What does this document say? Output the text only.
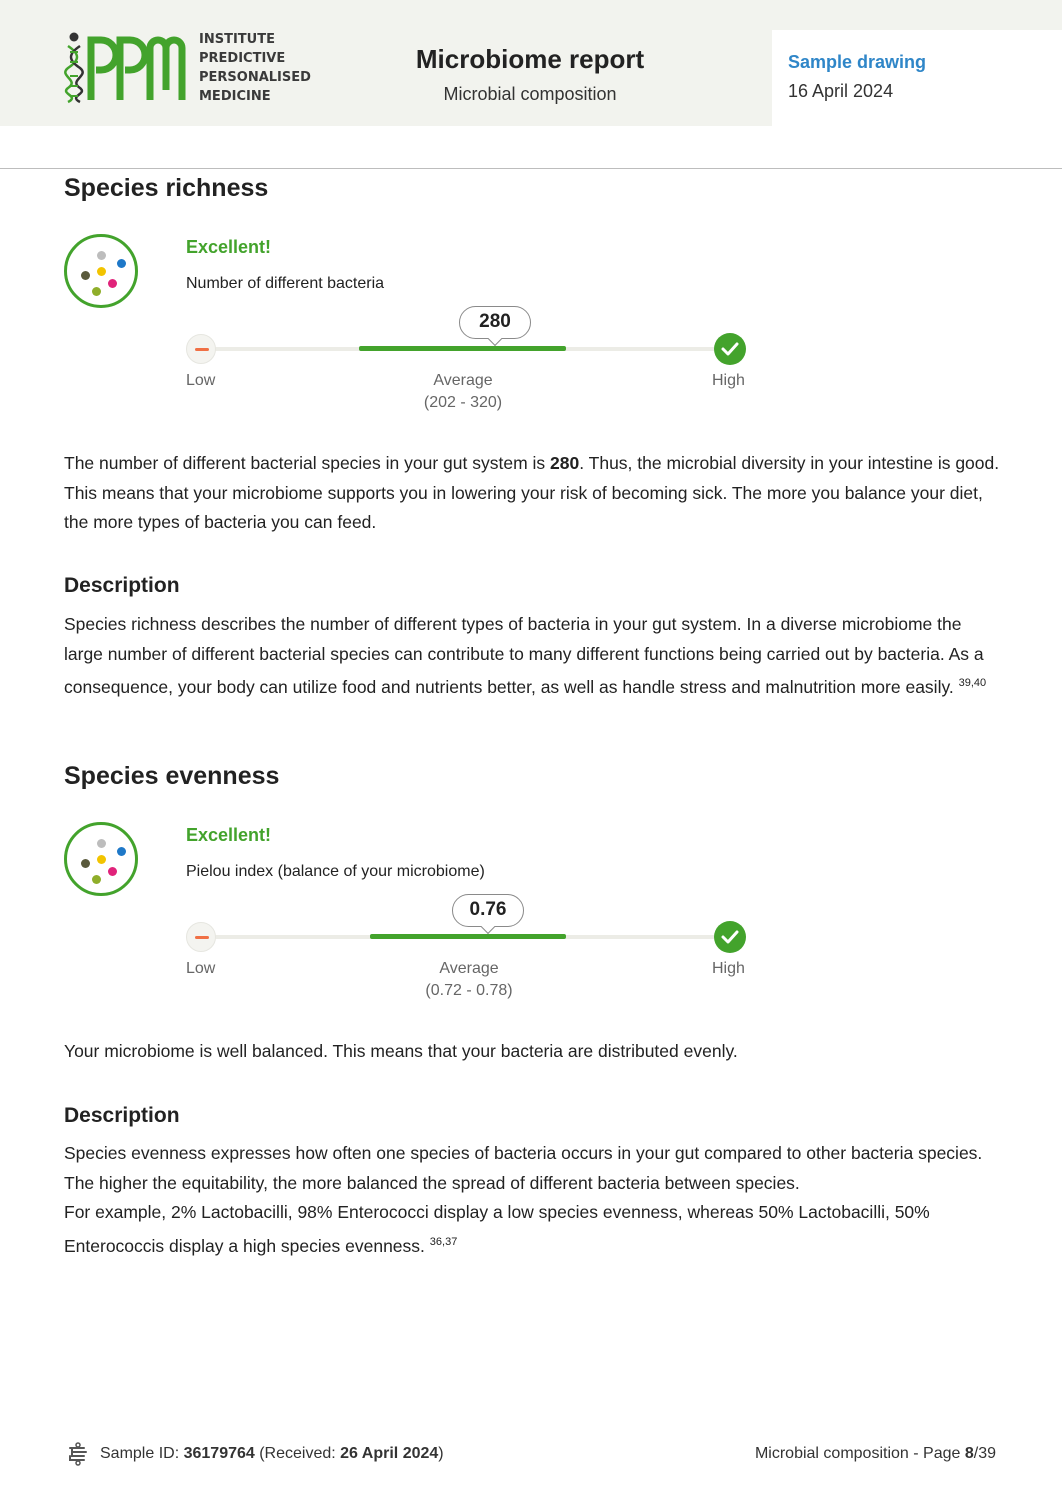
INSTITUTE
PREDICTIVE
PERSONALISED
MEDICINE
Microbiome report
Microbial composition
Sample drawing
16 April 2024
Species richness
Excellent!
Number of different bacteria
280
Low	Average
(202 - 320)
High
The number of different bacterial species in your gut system is 280. Thus, the microbial diversity in your intestine is good. This means that your microbiome supports you in lowering your risk of becoming sick. The more you balance your diet, the more types of bacteria you can feed.
Description
Species richness describes the number of different types of bacteria in your gut system. In a diverse microbiome the large number of different bacterial species can contribute to many different functions being carried out by bacteria. As a consequence, your body can utilize food and nutrients better, as well as handle stress and malnutrition more easily. $^{39,40}$
Species evenness
Excellent!
Pielou index (balance of your microbiome)
0.76
Low	Average
(0.72 - 0.78)
High
Your microbiome is well balanced. This means that your bacteria are distributed evenly.
Description
Species evenness expresses how often one species of bacteria occurs in your gut compared to other bacteria species. The higher the equitability, the more balanced the spread of different bacteria between species.
For example, 2% Lactobacilli, 98% Enterococci display a low species evenness, whereas 50% Lactobacilli, 50% Enterococcis display a high species evenness. $^{36,37}$
Sample ID: 36179764 (Received: 26 April 2024)	Microbial composition - Page 8/39
